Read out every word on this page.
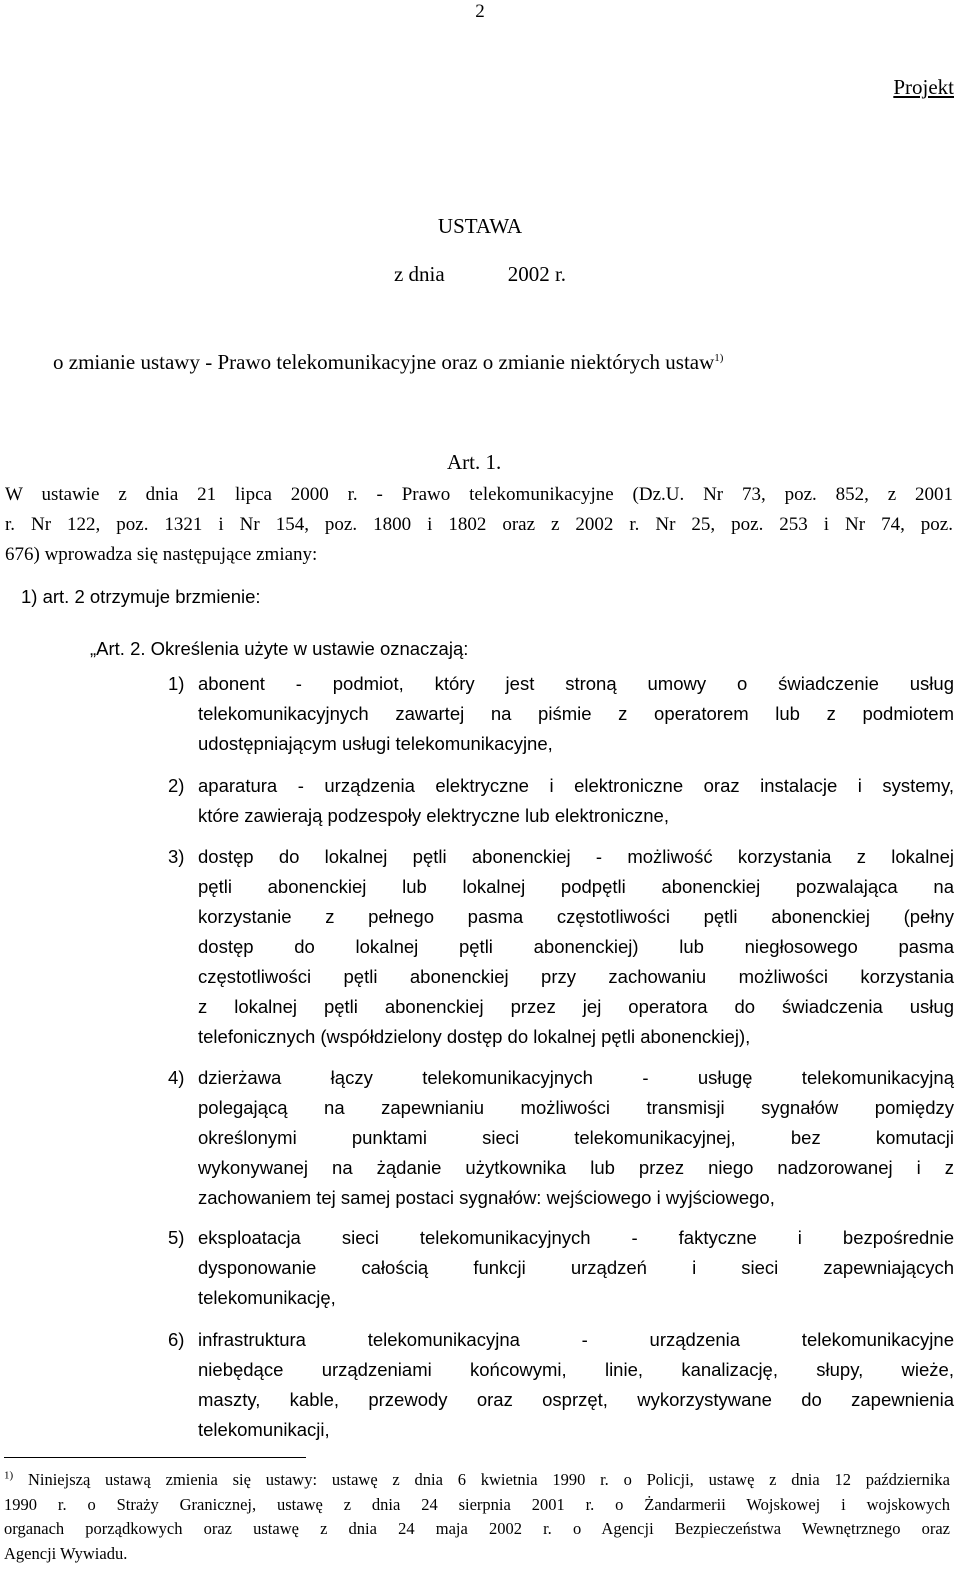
2
Projekt
USTAWA
z dnia            2002 r.
o zmianie ustawy - Prawo telekomunikacyjne oraz o zmianie niektórych ustaw$^{1)}$
Art. 1.
W ustawie z dnia 21 lipca 2000 r. - Prawo telekomunikacyjne (Dz.U. Nr 73, poz. 852, z 2001
r. Nr 122, poz. 1321 i Nr 154, poz. 1800 i 1802 oraz z 2002 r. Nr 25, poz. 253 i Nr 74, poz.
676) wprowadza się następujące zmiany:
1) art. 2 otrzymuje brzmienie:
„Art. 2. Określenia użyte w ustawie oznaczają:
1) abonent - podmiot, który jest stroną umowy o świadczenie usług
telekomunikacyjnych zawartej na piśmie z operatorem lub z podmiotem
udostępniającym usługi telekomunikacyjne,
2) aparatura - urządzenia elektryczne i elektroniczne oraz instalacje i systemy,
które zawierają podzespoły elektryczne lub elektroniczne,
3) dostęp do lokalnej pętli abonenckiej - możliwość korzystania z lokalnej
pętli abonenckiej lub lokalnej podpętli abonenckiej pozwalająca na
korzystanie z pełnego pasma częstotliwości pętli abonenckiej (pełny
dostęp do lokalnej pętli abonenckiej) lub niegłosowego pasma
częstotliwości pętli abonenckiej przy zachowaniu możliwości korzystania
z lokalnej pętli abonenckiej przez jej operatora do świadczenia usług
telefonicznych (współdzielony dostęp do lokalnej pętli abonenckiej),
4) dzierżawa łączy telekomunikacyjnych - usługę telekomunikacyjną
polegającą na zapewnianiu możliwości transmisji sygnałów pomiędzy
określonymi punktami sieci telekomunikacyjnej, bez komutacji
wykonywanej na żądanie użytkownika lub przez niego nadzorowanej i z
zachowaniem tej samej postaci sygnałów: wejściowego i wyjściowego,
5) eksploatacja sieci telekomunikacyjnych - faktyczne i bezpośrednie
dysponowanie całością funkcji urządzeń i sieci zapewniających
telekomunikację,
6) infrastruktura telekomunikacyjna - urządzenia telekomunikacyjne
niebędące urządzeniami końcowymi, linie, kanalizację, słupy, wieże,
maszty, kable, przewody oraz osprzęt, wykorzystywane do zapewnienia
telekomunikacji,
$^{1)}$ Niniejszą ustawą zmienia się ustawy: ustawę z dnia 6 kwietnia 1990 r. o Policji, ustawę z dnia 12 października
1990 r. o Straży Granicznej, ustawę z dnia 24 sierpnia 2001 r. o Żandarmerii Wojskowej i wojskowych
organach porządkowych oraz ustawę z dnia 24 maja 2002 r. o Agencji Bezpieczeństwa Wewnętrznego oraz
Agencji Wywiadu.
